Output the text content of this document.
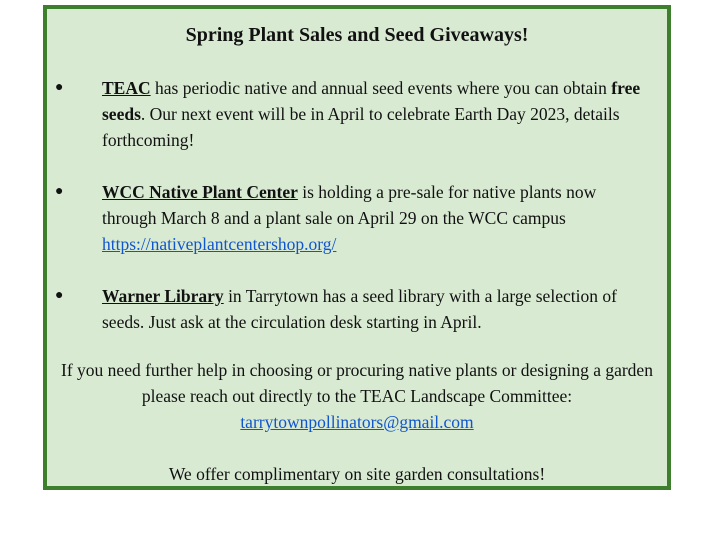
Spring Plant Sales and Seed Giveaways!
● TEAC has periodic native and annual seed events where you can obtain free seeds. Our next event will be in April to celebrate Earth Day 2023, details forthcoming!
● WCC Native Plant Center is holding a pre-sale for native plants now through March 8 and a plant sale on April 29 on the WCC campus https://nativeplantcentershop.org/
● Warner Library in Tarrytown has a seed library with a large selection of seeds. Just ask at the circulation desk starting in April.
If you need further help in choosing or procuring native plants or designing a garden please reach out directly to the TEAC Landscape Committee: tarrytownpollinators@gmail.com
We offer complimentary on site garden consultations!
